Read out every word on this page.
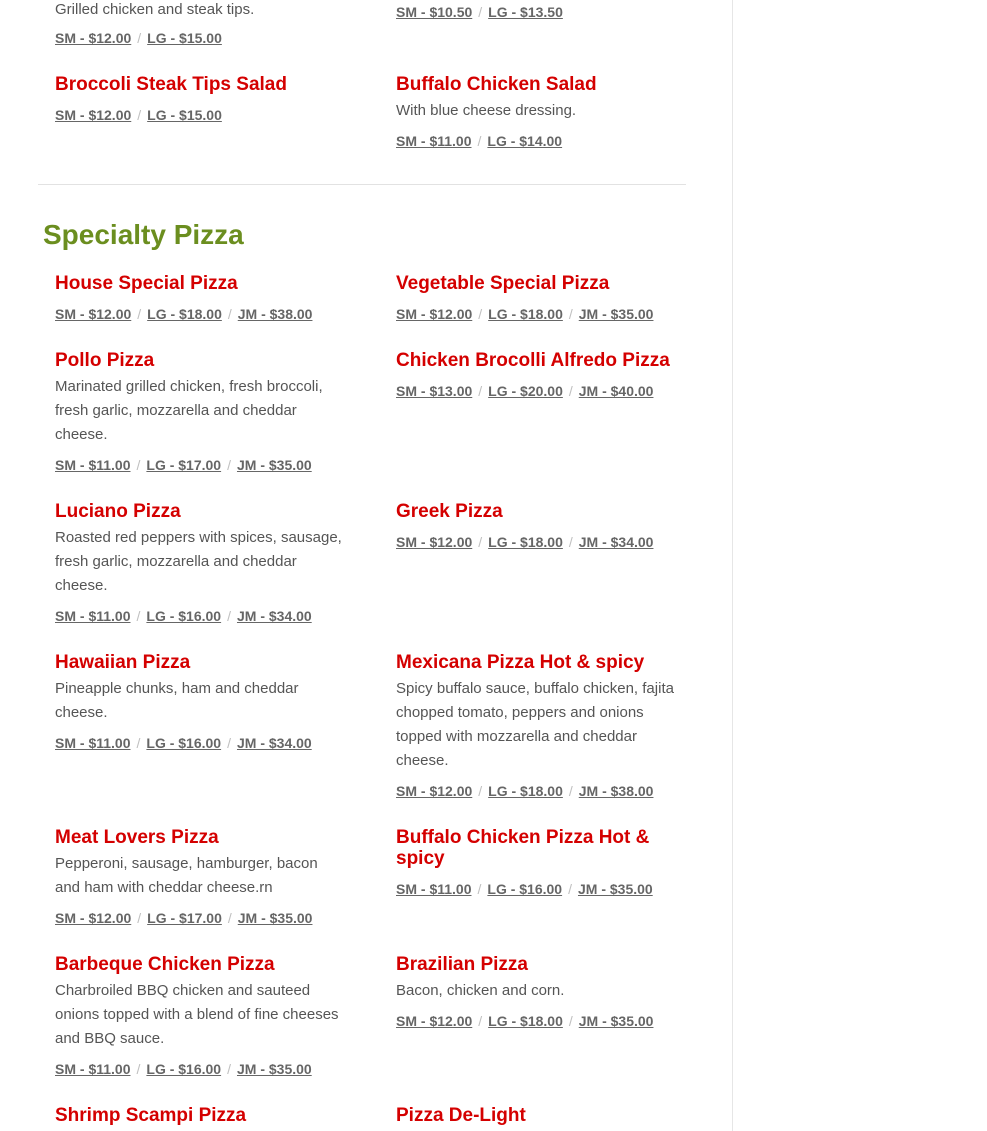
Grilled chicken and steak tips.

SM - $12.00 / LG - $15.00
SM - $10.50 / LG - $13.50
Broccoli Steak Tips Salad
SM - $12.00 / LG - $15.00
Buffalo Chicken Salad

With blue cheese dressing.

SM - $11.00 / LG - $14.00
Specialty Pizza
House Special Pizza
SM - $12.00 / LG - $18.00 / JM - $38.00
Vegetable Special Pizza
SM - $12.00 / LG - $18.00 / JM - $35.00
Pollo Pizza

Marinated grilled chicken, fresh broccoli, fresh garlic, mozzarella and cheddar cheese.

SM - $11.00 / LG - $17.00 / JM - $35.00
Chicken Brocolli Alfredo Pizza
SM - $13.00 / LG - $20.00 / JM - $40.00
Luciano Pizza

Roasted red peppers with spices, sausage, fresh garlic, mozzarella and cheddar cheese.

SM - $11.00 / LG - $16.00 / JM - $34.00
Greek Pizza
SM - $12.00 / LG - $18.00 / JM - $34.00
Hawaiian Pizza

Pineapple chunks, ham and cheddar cheese.

SM - $11.00 / LG - $16.00 / JM - $34.00
Mexicana Pizza Hot & spicy

Spicy buffalo sauce, buffalo chicken, fajita chopped tomato, peppers and onions topped with mozzarella and cheddar cheese.

SM - $12.00 / LG - $18.00 / JM - $38.00
Meat Lovers Pizza

Pepperoni, sausage, hamburger, bacon and ham with cheddar cheese.rn

SM - $12.00 / LG - $17.00 / JM - $35.00
Buffalo Chicken Pizza Hot & spicy
SM - $11.00 / LG - $16.00 / JM - $35.00
Barbeque Chicken Pizza

Charbroiled BBQ chicken and sauteed onions topped with a blend of fine cheeses and BBQ sauce.

SM - $11.00 / LG - $16.00 / JM - $35.00
Brazilian Pizza

Bacon, chicken and corn.

SM - $12.00 / LG - $18.00 / JM - $35.00
Shrimp Scampi Pizza	Pizza De-Light
